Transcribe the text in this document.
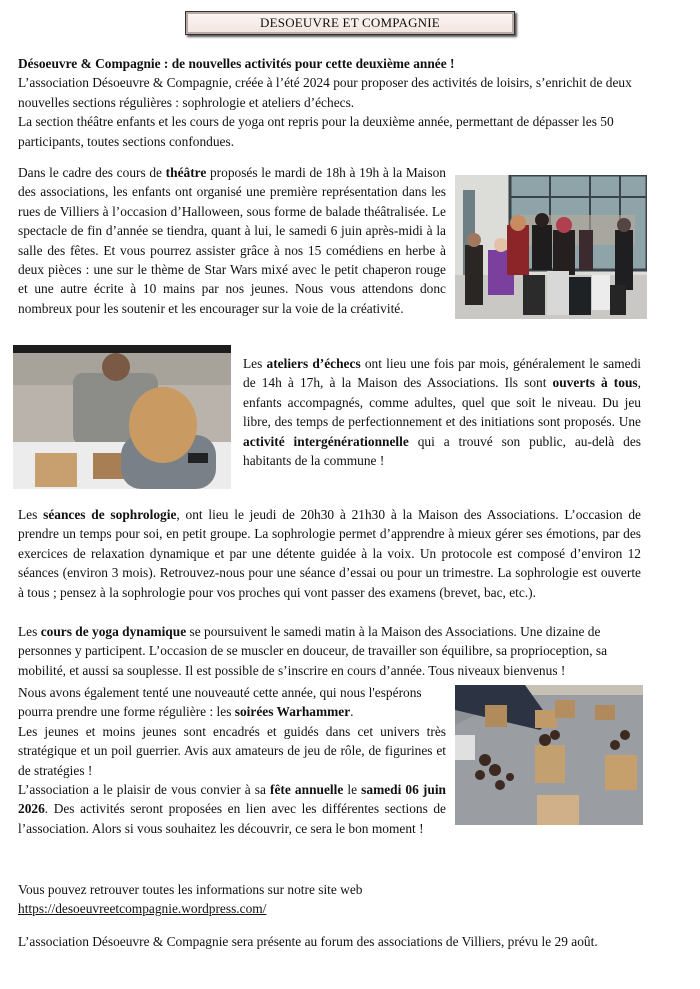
DESOEUVRE ET COMPAGNIE

Désoeuvre & Compagnie : de nouvelles activités pour cette deuxième année !

L’association Désoeuvre & Compagnie, créée à l’été 2024 pour proposer des activités de loisirs, s’enrichit de deux nouvelles sections régulières : sophrologie et ateliers d’échecs.

La section théâtre enfants et les cours de yoga ont repris pour la deuxième année, permettant de dépasser les 50 participants, toutes sections confondues.

Dans le cadre des cours de théâtre proposés le mardi de 18h à 19h à la Maison des associations, les enfants ont organisé une première représentation dans les rues de Villiers à l’occasion d’Halloween, sous forme de balade théâtralisée. Le spectacle de fin d’année se tiendra, quant à lui, le samedi 6 juin après-midi à la salle des fêtes. Et vous pourrez assister grâce à nos 15 comédiens en herbe à deux pièces : une sur le thème de Star Wars mixé avec le petit chaperon rouge et une autre écrite à 10 mains par nos jeunes. Nous vous attendons donc nombreux pour les soutenir et les encourager sur la voie de la créativité.

Les ateliers d’échecs ont lieu une fois par mois, généralement le samedi de 14h à 17h, à la Maison des Associations. Ils sont ouverts à tous, enfants accompagnés, comme adultes, quel que soit le niveau. Du jeu libre, des temps de perfectionnement et des initiations sont proposés. Une activité intergénérationnelle qui a trouvé son public, au-delà des habitants de la commune !

Les séances de sophrologie, ont lieu le jeudi de 20h30 à 21h30 à la Maison des Associations. L’occasion de prendre un temps pour soi, en petit groupe. La sophrologie permet d’apprendre à mieux gérer ses émotions, par des exercices de relaxation dynamique et par une détente guidée à la voix. Un protocole est composé d’environ 12 séances (environ 3 mois). Retrouvez-nous pour une séance d’essai ou pour un trimestre. La sophrologie est ouverte à tous ; pensez à la sophrologie pour vos proches qui vont passer des examens (brevet, bac, etc.).

Les cours de yoga dynamique se poursuivent le samedi matin à la Maison des Associations. Une dizaine de personnes y participent. L’occasion de se muscler en douceur, de travailler son équilibre, sa proprioception, sa mobilité, et aussi sa souplesse. Il est possible de s’inscrire en cours d’année. Tous niveaux bienvenus !

Nous avons également tenté une nouveauté cette année, qui nous l'espérons pourra prendre une forme régulière : les soirées Warhammer.

Les jeunes et moins jeunes sont encadrés et guidés dans cet univers très stratégique et un poil guerrier. Avis aux amateurs de jeu de rôle, de figurines et de stratégies !

L’association a le plaisir de vous convier à sa fête annuelle le samedi 06 juin 2026. Des activités seront proposées en lien avec les différentes sections de l’association. Alors si vous souhaitez les découvrir, ce sera le bon moment !

Vous pouvez retrouver toutes les informations sur notre site web

https://desoeuvreetcompagnie.wordpress.com/

L’association Désoeuvre & Compagnie sera présente au forum des associations de Villiers, prévu le 29 août.
